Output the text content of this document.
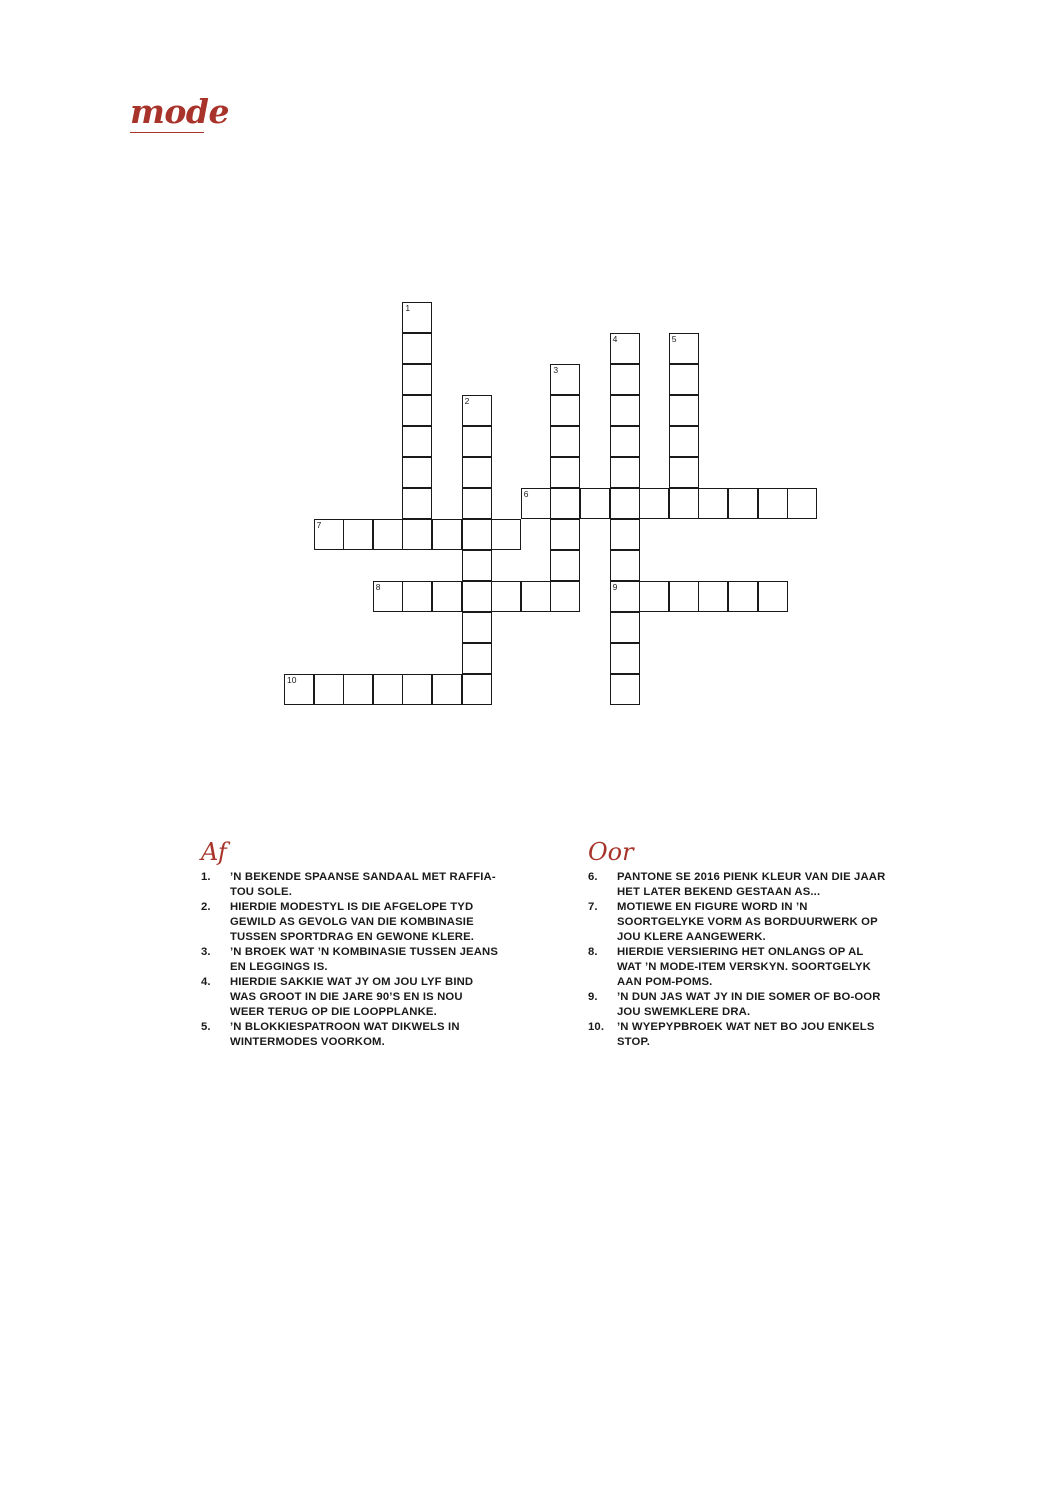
mode
1
2
3
4	5
6
7
8	9
10
Af
1.	’N BEKENDE SPAANSE SANDAAL MET RAFFIA-TOU SOLE.
2.	HIERDIE MODESTYL IS DIE AFGELOPE TYD GEWILD AS GEVOLG VAN DIE KOMBINASIE TUSSEN SPORTDRAG EN GEWONE KLERE.
3.	’N BROEK WAT ’N KOMBINASIE TUSSEN JEANS EN LEGGINGS IS.
4.	HIERDIE SAKKIE WAT JY OM JOU LYF BIND WAS GROOT IN DIE JARE 90’S EN IS NOU WEER TERUG OP DIE LOOPPLANKE.
5.	’N BLOKKIESPATROON WAT DIKWELS IN WINTERMODES VOORKOM.
Oor
6.	PANTONE SE 2016 PIENK KLEUR VAN DIE JAAR HET LATER BEKEND GESTAAN AS...
7.	MOTIEWE EN FIGURE WORD IN ’N SOORTGELYKE VORM AS BORDUURWERK OP JOU KLERE AANGEWERK.
8.	HIERDIE VERSIERING HET ONLANGS OP AL WAT ’N MODE-ITEM VERSKYN. SOORTGELYK AAN POM-POMS.
9.	’N DUN JAS WAT JY IN DIE SOMER OF BO-OOR JOU SWEMKLERE DRA.
10.	’N WYEPYPBROEK WAT NET BO JOU ENKELS STOP.
